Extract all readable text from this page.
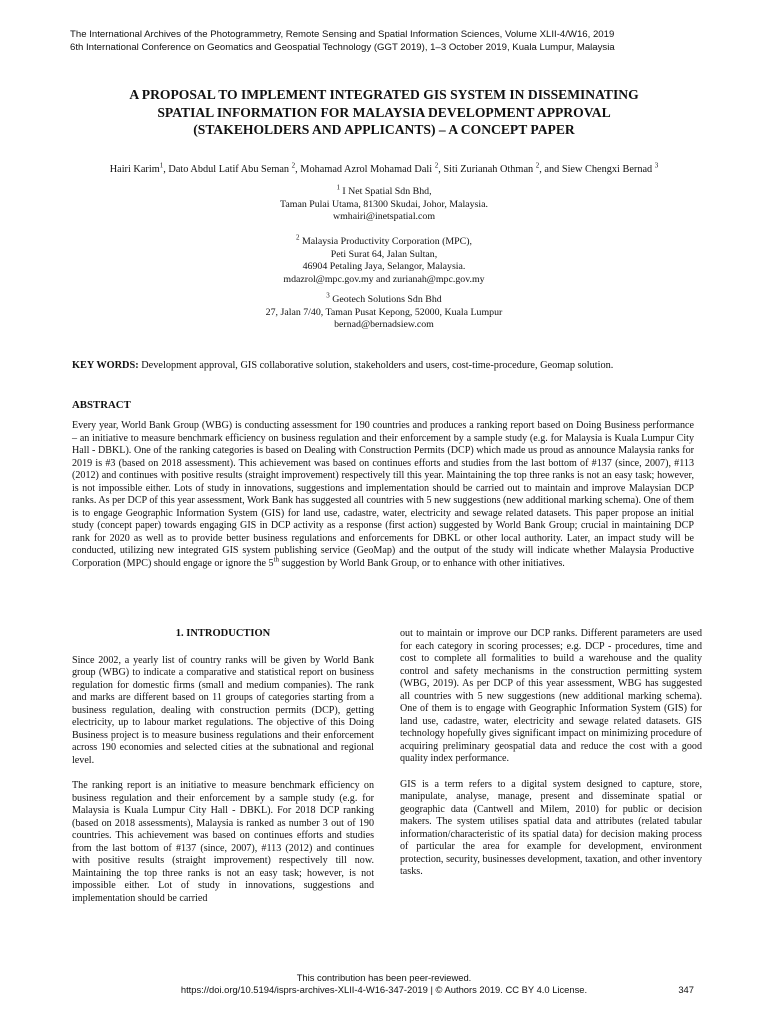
The International Archives of the Photogrammetry, Remote Sensing and Spatial Information Sciences, Volume XLII-4/W16, 2019
6th International Conference on Geomatics and Geospatial Technology (GGT 2019), 1–3 October 2019, Kuala Lumpur, Malaysia
A PROPOSAL TO IMPLEMENT INTEGRATED GIS SYSTEM IN DISSEMINATING
SPATIAL INFORMATION FOR MALAYSIA DEVELOPMENT APPROVAL
(STAKEHOLDERS AND APPLICANTS) – A CONCEPT PAPER
Hairi Karim$^1$, Dato Abdul Latif Abu Seman $^2$, Mohamad Azrol Mohamad Dali $^2$, Siti Zurianah Othman $^2$, and Siew Chengxi Bernad $^3$
$^1$ I Net Spatial Sdn Bhd,
Taman Pulai Utama, 81300 Skudai, Johor, Malaysia.
wmhairi@inetspatial.com
$^2$ Malaysia Productivity Corporation (MPC),
Peti Surat 64, Jalan Sultan,
46904 Petaling Jaya, Selangor, Malaysia.
mdazrol@mpc.gov.my and zurianah@mpc.gov.my
$^3$ Geotech Solutions Sdn Bhd
27, Jalan 7/40, Taman Pusat Kepong, 52000, Kuala Lumpur
bernad@bernadsiew.com
KEY WORDS: Development approval, GIS collaborative solution, stakeholders and users, cost-time-procedure, Geomap solution.
ABSTRACT
Every year, World Bank Group (WBG) is conducting assessment for 190 countries and produces a ranking report based on Doing Business performance – an initiative to measure benchmark efficiency on business regulation and their enforcement by a sample study (e.g. for Malaysia is Kuala Lumpur City Hall - DBKL). One of the ranking categories is based on Dealing with Construction Permits (DCP) which made us proud as announce Malaysia ranks for 2019 is #3 (based on 2018 assessment). This achievement was based on continues efforts and studies from the last bottom of #137 (since, 2007), #113 (2012) and continues with positive results (straight improvement) respectively till this year. Maintaining the top three ranks is not an easy task; however, is not impossible either. Lots of study in innovations, suggestions and implementation should be carried out to maintain and improve Malaysian DCP ranks. As per DCP of this year assessment, Work Bank has suggested all countries with 5 new suggestions (new additional marking schema). One of them is to engage Geographic Information System (GIS) for land use, cadastre, water, electricity and sewage related datasets. This paper propose an initial study (concept paper) towards engaging GIS in DCP activity as a response (first action) suggested by World Bank Group; crucial in maintaining DCP rank for 2020 as well as to provide better business regulations and enforcements for DBKL or other local authority. Later, an impact study will be conducted, utilizing new integrated GIS system publishing service (GeoMap) and the output of the study will indicate whether Malaysia Productive Corporation (MPC) should engage or ignore the 5th suggestion by World Bank Group, or to enhance with other initiatives.
1. INTRODUCTION

Since 2002, a yearly list of country ranks will be given by World Bank group (WBG) to indicate a comparative and statistical report on business regulation for domestic firms (small and medium companies). The rank and marks are different based on 11 groups of categories starting from a business regulation, dealing with construction permits (DCP), getting electricity, up to labour market regulations. The objective of this Doing Business project is to measure business regulations and their enforcement across 190 economies and selected cities at the subnational and regional level.

The ranking report is an initiative to measure benchmark efficiency on business regulation and their enforcement by a sample study (e.g. for Malaysia is Kuala Lumpur City Hall - DBKL). For 2018 DCP ranking (based on 2018 assessments), Malaysia is ranked as number 3 out of 190 countries. This achievement was based on continues efforts and studies from the last bottom of #137 (since, 2007), #113 (2012) and continues with positive results (straight improvement) respectively till now. Maintaining the top three ranks is not an easy task; however, is not impossible either. Lot of study in innovations, suggestions and implementation should be carried

out to maintain or improve our DCP ranks. Different parameters are used for each category in scoring processes; e.g. DCP - procedures, time and cost to complete all formalities to build a warehouse and the quality control and safety mechanisms in the construction permitting system (WBG, 2019). As per DCP of this year assessment, WBG has suggested all countries with 5 new suggestions (new additional marking schema). One of them is to engage with Geographic Information System (GIS) for land use, cadastre, water, electricity and sewage related datasets. GIS technology hopefully gives significant impact on minimizing procedure of acquiring preliminary geospatial data and reduce the cost with a good quality index performance.

GIS is a term refers to a digital system designed to capture, store, manipulate, analyse, manage, present and disseminate spatial or geographic data (Cantwell and Milem, 2010) for public or decision makers. The system utilises spatial data and attributes (related tabular information/characteristic of its spatial data) for decision making process of particular the area for example for development, environment protection, security, businesses development, taxation, and other inventory tasks.

This contribution has been peer-reviewed.
https://doi.org/10.5194/isprs-archives-XLII-4-W16-347-2019 | © Authors 2019. CC BY 4.0 License.	347
